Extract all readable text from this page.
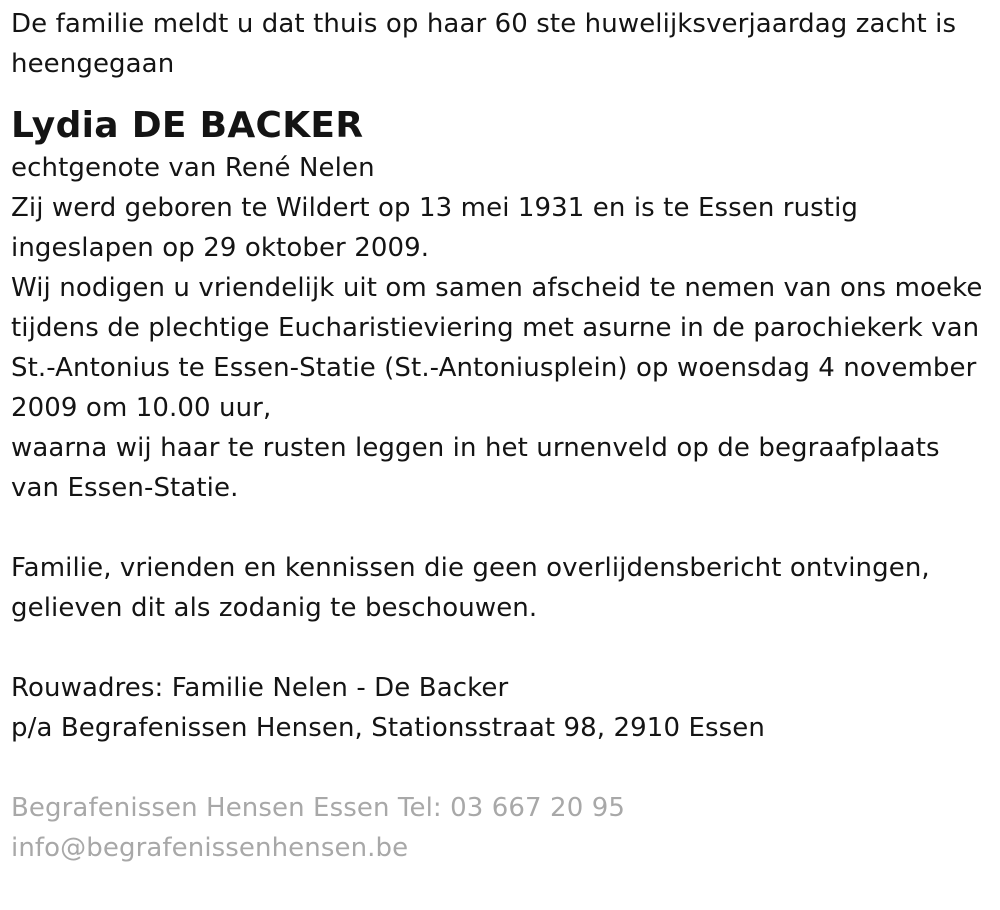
De familie meldt u dat thuis op haar 60 ste huwelijksverjaardag zacht is heengegaan

Lydia DE BACKER
echtgenote van René Nelen
Zij werd geboren te Wildert op 13 mei 1931 en is te Essen rustig ingeslapen op 29 oktober 2009.
Wij nodigen u vriendelijk uit om samen afscheid te nemen van ons moeke tijdens de plechtige Eucharistieviering met asurne in de parochiekerk van St.-Antonius te Essen-Statie (St.-Antoniusplein) op woensdag 4 november 2009 om 10.00 uur,
waarna wij haar te rusten leggen in het urnenveld op de begraafplaats van Essen-Statie.
Familie, vrienden en kennissen die geen overlijdensbericht ontvingen, gelieven dit als zodanig te beschouwen.
Rouwadres: Familie Nelen - De Backer
p/a Begrafenissen Hensen, Stationsstraat 98, 2910 Essen
Begrafenissen Hensen Essen Tel: 03 667 20 95
info@begrafenissenhensen.be
